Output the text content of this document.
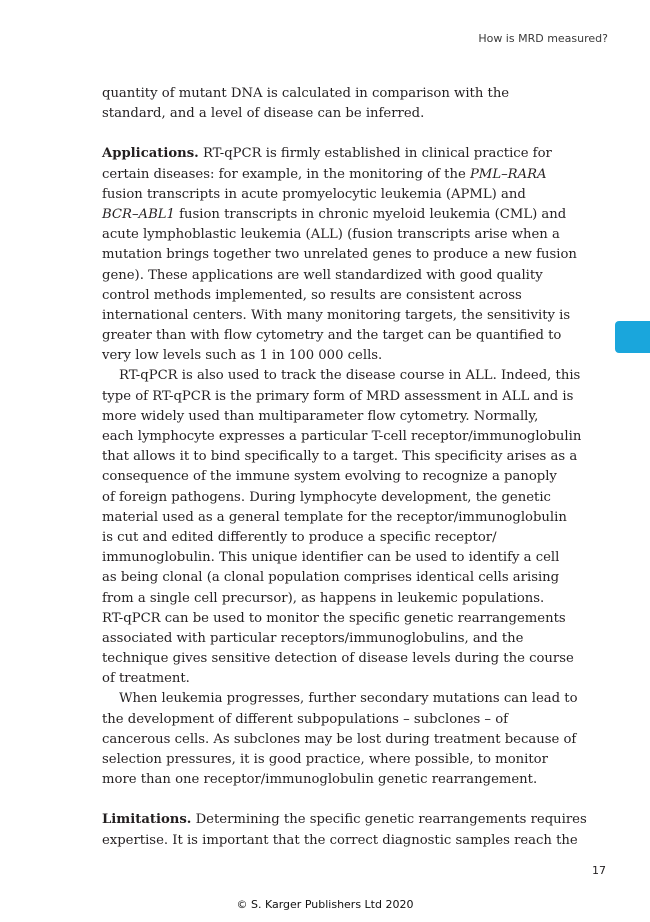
How is MRD measured?
quantity of mutant DNA is calculated in comparison with the
standard, and a level of disease can be inferred.
Applications. RT-qPCR is firmly established in clinical practice for
certain diseases: for example, in the monitoring of the PML–RARA
fusion transcripts in acute promyelocytic leukemia (APML) and
BCR–ABL1 fusion transcripts in chronic myeloid leukemia (CML) and
acute lymphoblastic leukemia (ALL) (fusion transcripts arise when a
mutation brings together two unrelated genes to produce a new fusion
gene). These applications are well standardized with good quality
control methods implemented, so results are consistent across
international centers. With many monitoring targets, the sensitivity is
greater than with flow cytometry and the target can be quantified to
very low levels such as 1 in 100 000 cells.
RT-qPCR is also used to track the disease course in ALL. Indeed, this
type of RT-qPCR is the primary form of MRD assessment in ALL and is
more widely used than multiparameter flow cytometry. Normally,
each lymphocyte expresses a particular T-cell receptor/immunoglobulin
that allows it to bind specifically to a target. This specificity arises as a
consequence of the immune system evolving to recognize a panoply
of foreign pathogens. During lymphocyte development, the genetic
material used as a general template for the receptor/immunoglobulin
is cut and edited differently to produce a specific receptor/
immunoglobulin. This unique identifier can be used to identify a cell
as being clonal (a clonal population comprises identical cells arising
from a single cell precursor), as happens in leukemic populations.
RT-qPCR can be used to monitor the specific genetic rearrangements
associated with particular receptors/immunoglobulins, and the
technique gives sensitive detection of disease levels during the course
of treatment.
When leukemia progresses, further secondary mutations can lead to
the development of different subpopulations – subclones – of
cancerous cells. As subclones may be lost during treatment because of
selection pressures, it is good practice, where possible, to monitor
more than one receptor/immunoglobulin genetic rearrangement.
Limitations. Determining the specific genetic rearrangements requires
expertise. It is important that the correct diagnostic samples reach the
17
© S. Karger Publishers Ltd 2020
